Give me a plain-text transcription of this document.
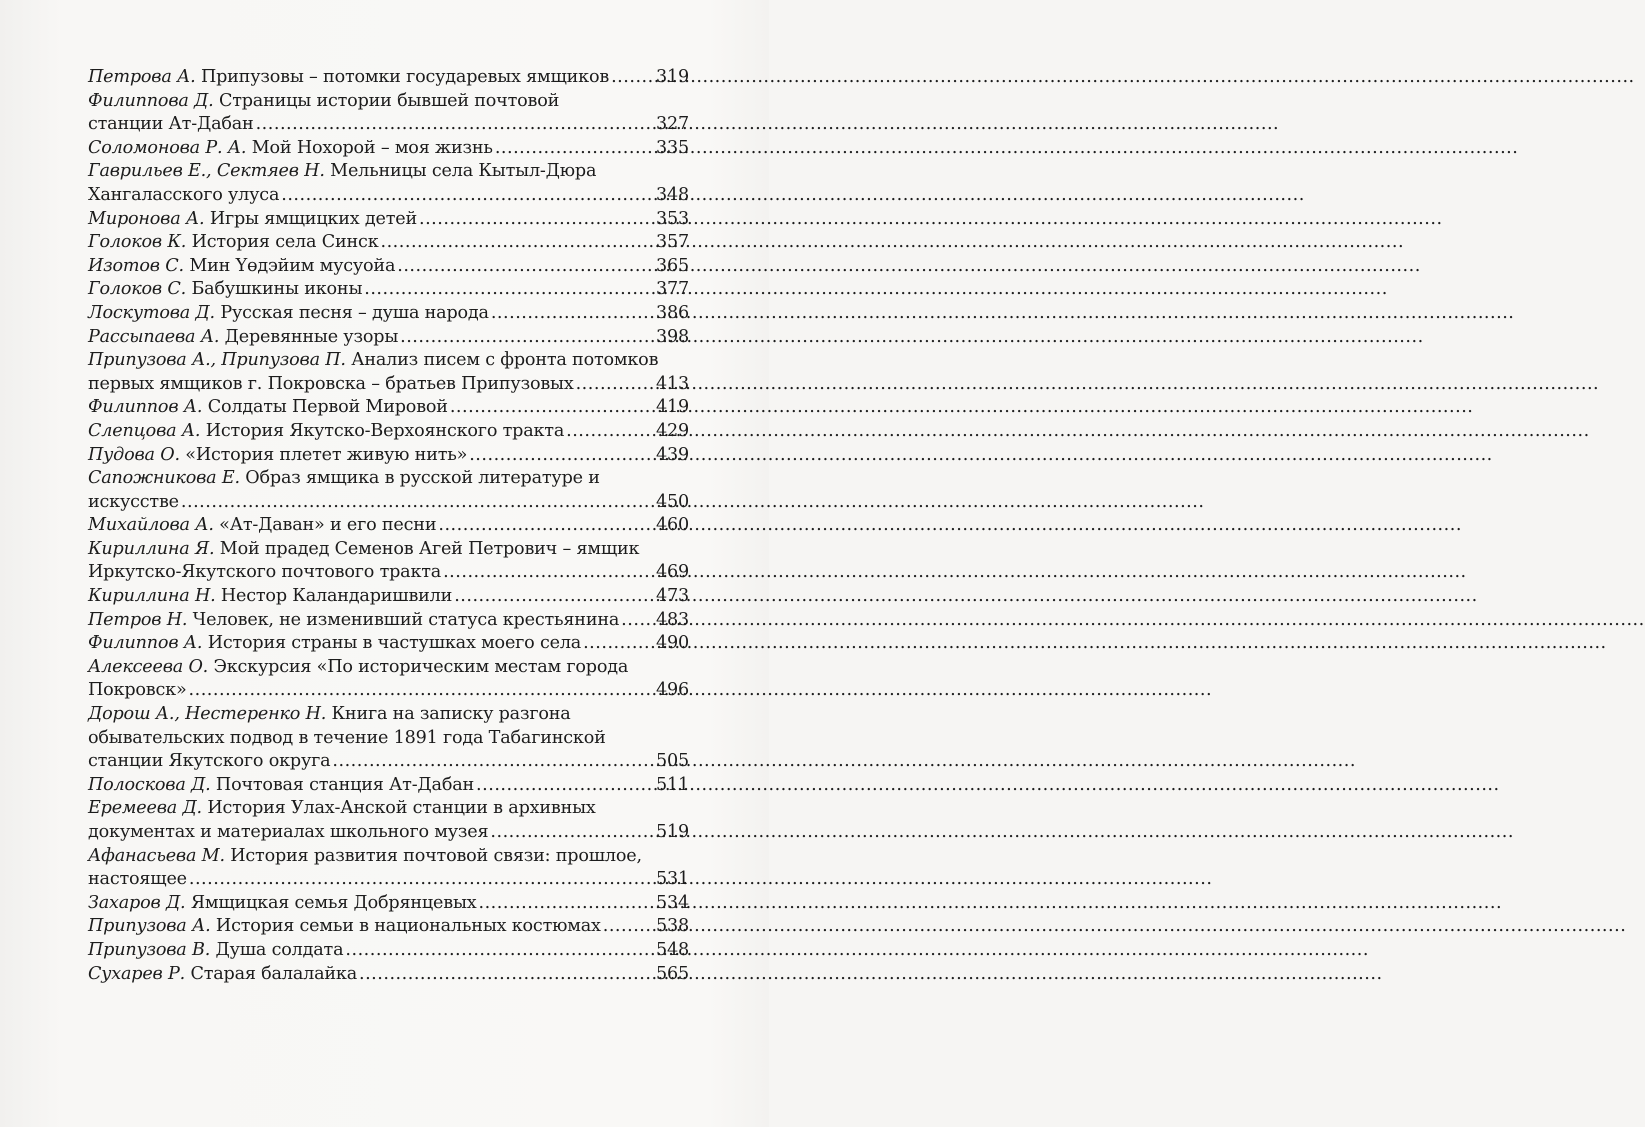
Петрова А. Припузовы – потомки государевых ямщиков .....	319
Филиппова Д. Страницы истории бывшей почтовой
станции Ат-Дабан .....	327
Соломонова Р. А. Мой Нохорой – моя жизнь .....	335
Гаврильев Е., Сектяев Н. Мельницы села Кытыл-Дюра
Хангаласского улуса .....	348
Миронова А. Игры ямщицких детей .....	353
Голоков К. История села Синск .....	357
Изотов С. Мин Үөдэйим мусуойа .....	365
Голоков С. Бабушкины иконы .....	377
Лоскутова Д. Русская песня – душа народа .....	386
Рассыпаева А. Деревянные узоры .....	398
Припузова А., Припузова П. Анализ писем с фронта потомков
первых ямщиков г. Покровска – братьев Припузовых .....	413
Филиппов А. Солдаты Первой Мировой .....	419
Слепцова А. История Якутско-Верхоянского тракта .....	429
Пудова О. «История плетет живую нить» .....	439
Сапожникова Е. Образ ямщика в русской литературе и
искусстве .....	450
Михайлова А. «Ат-Даван» и его песни .....	460
Кириллина Я. Мой прадед Семенов Агей Петрович – ямщик
Иркутско-Якутского почтового тракта .....	469
Кириллина Н. Нестор Каландаришвили .....	473
Петров Н. Человек, не изменивший статуса крестьянина ..... 483
Филиппов А. История страны в частушках моего села .....	490
Алексеева О. Экскурсия «По историческим местам города
Покровск» .....	496
Дорош А., Нестеренко Н. Книга на записку разгона
обывательских подвод в течение 1891 года Табагинской
станции Якутского округа .....	505
Полоскова Д. Почтовая станция Ат-Дабан .....	511
Еремеева Д. История Улах-Анской станции в архивных
документах и материалах школьного музея .....	519
Афанасьева М. История развития почтовой связи: прошлое,
настоящее .....	531
Захаров Д. Ямщицкая семья Добрянцевых .....	534
Припузова А. История семьи в национальных костюмах .....	538
Припузова В. Душа солдата .....	548
Сухарев Р. Старая балалайка .....	565
